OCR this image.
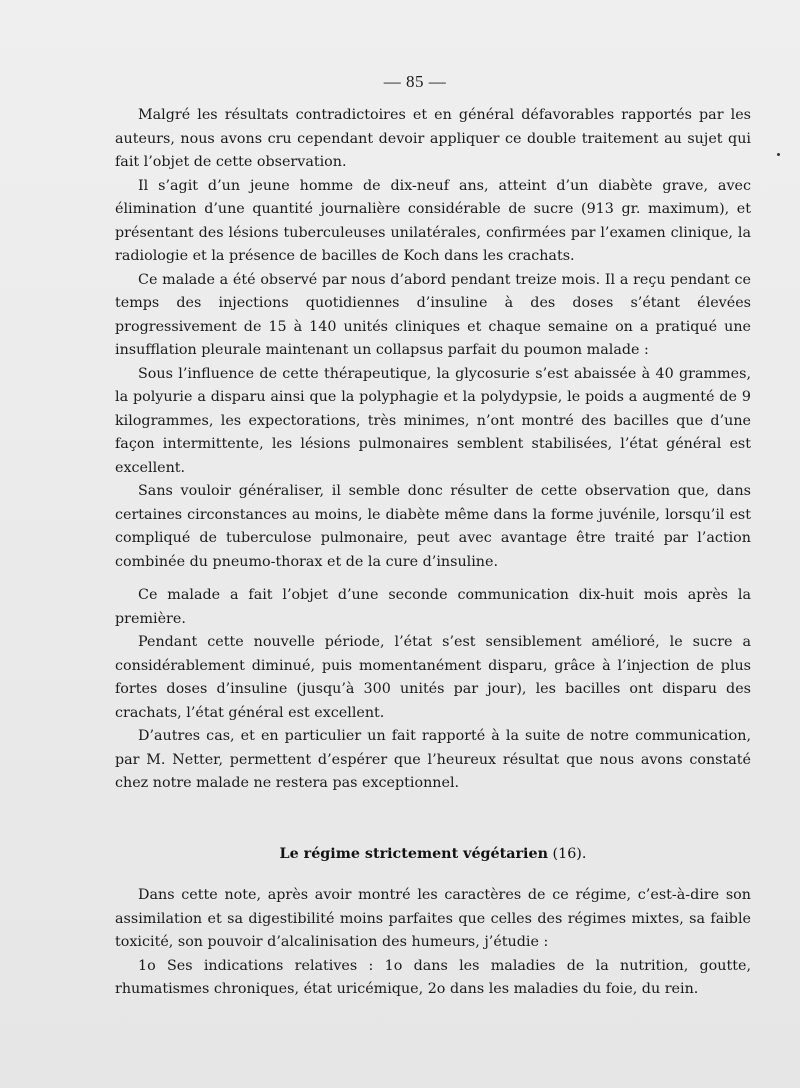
— 85 —

Malgré les résultats contradictoires et en général défavorables rapportés par les auteurs, nous avons cru cependant devoir appliquer ce double traitement au sujet qui fait l’objet de cette observation.

Il s’agit d’un jeune homme de dix-neuf ans, atteint d’un diabète grave, avec élimination d’une quantité journalière considérable de sucre (913 gr. maximum), et présentant des lésions tuberculeuses unilatérales, confirmées par l’examen clinique, la radiologie et la présence de bacilles de Koch dans les crachats.

Ce malade a été observé par nous d’abord pendant treize mois. Il a reçu pendant ce temps des injections quotidiennes d’insuline à des doses s’étant élevées progressivement de 15 à 140 unités cliniques et chaque semaine on a pratiqué une insufflation pleurale maintenant un collapsus parfait du poumon malade :

Sous l’influence de cette thérapeutique, la glycosurie s’est abaissée à 40 grammes, la polyurie a disparu ainsi que la polyphagie et la polydypsie, le poids a augmenté de 9 kilogrammes, les expectorations, très minimes, n’ont montré des bacilles que d’une façon intermittente, les lésions pulmonaires semblent stabilisées, l’état général est excellent.

Sans vouloir généraliser, il semble donc résulter de cette observation que, dans certaines circonstances au moins, le diabète même dans la forme juvénile, lorsqu’il est compliqué de tuberculose pulmonaire, peut avec avantage être traité par l’action combinée du pneumo-thorax et de la cure d’insuline.

Ce malade a fait l’objet d’une seconde communication dix-huit mois après la première.

Pendant cette nouvelle période, l’état s’est sensiblement amélioré, le sucre a considérablement diminué, puis momentanément disparu, grâce à l’injection de plus fortes doses d’insuline (jusqu’à 300 unités par jour), les bacilles ont disparu des crachats, l’état général est excellent.

D’autres cas, et en particulier un fait rapporté à la suite de notre communication, par M. Netter, permettent d’espérer que l’heureux résultat que nous avons constaté chez notre malade ne restera pas exceptionnel.

Le régime strictement végétarien (16).

Dans cette note, après avoir montré les caractères de ce régime, c’est-à-dire son assimilation et sa digestibilité moins parfaites que celles des régimes mixtes, sa faible toxicité, son pouvoir d’alcalinisation des humeurs, j’étudie :

1o Ses indications relatives : 1o dans les maladies de la nutrition, goutte, rhumatismes chroniques, état uricémique, 2o dans les maladies du foie, du rein.
